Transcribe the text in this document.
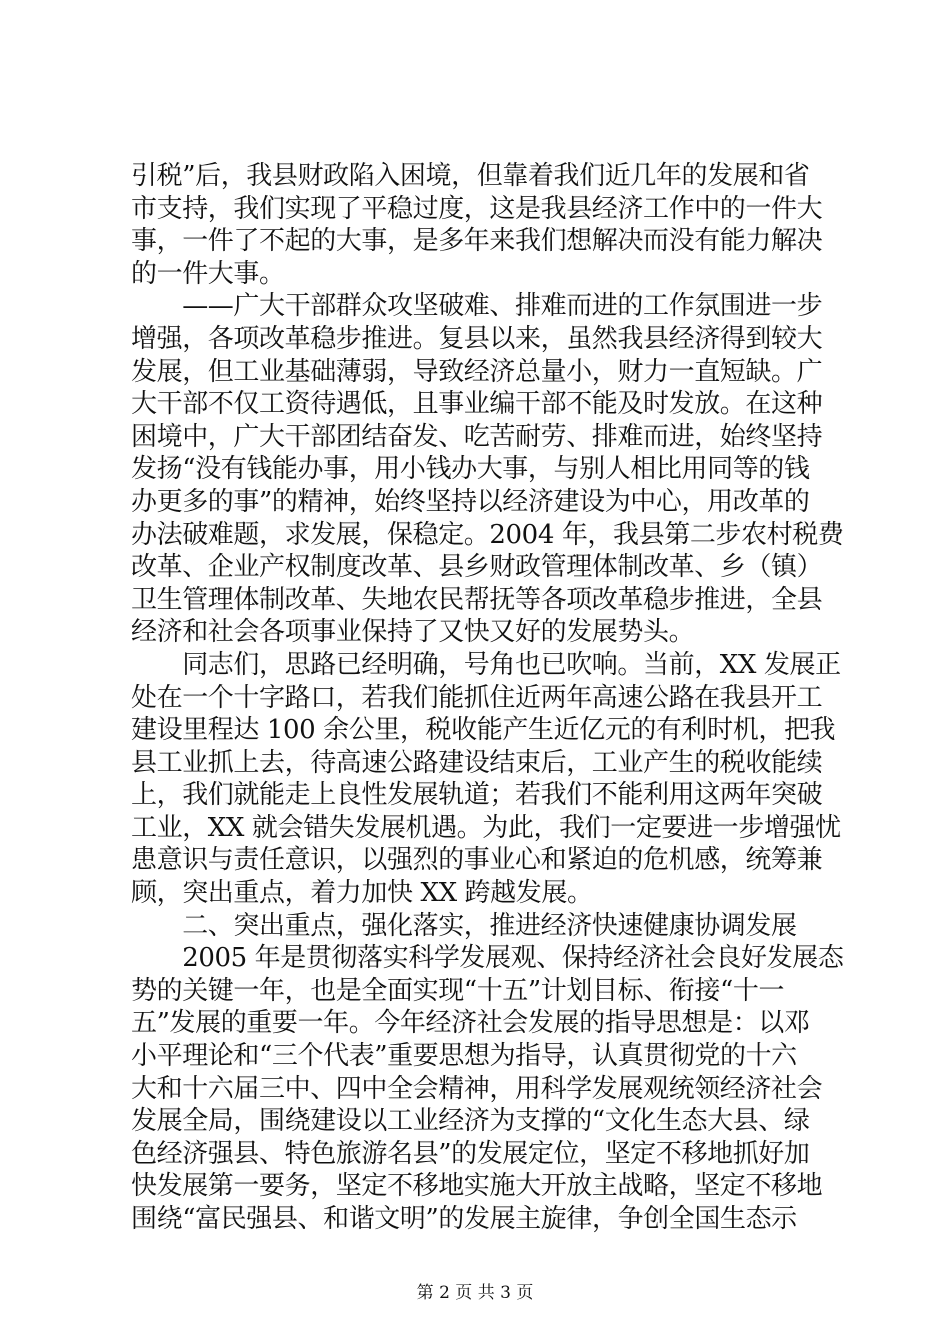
引税”后，我县财政陷入困境，但靠着我们近几年的发展和省
市支持，我们实现了平稳过度，这是我县经济工作中的一件大
事，一件了不起的大事，是多年来我们想解决而没有能力解决
的一件大事。
　　——广大干部群众攻坚破难、排难而进的工作氛围进一步
增强，各项改革稳步推进。复县以来，虽然我县经济得到较大
发展，但工业基础薄弱，导致经济总量小，财力一直短缺。广
大干部不仅工资待遇低，且事业编干部不能及时发放。在这种
困境中，广大干部团结奋发、吃苦耐劳、排难而进，始终坚持
发扬“没有钱能办事，用小钱办大事，与别人相比用同等的钱
办更多的事”的精神，始终坚持以经济建设为中心，用改革的
办法破难题，求发展，保稳定。2004 年，我县第二步农村税费
改革、企业产权制度改革、县乡财政管理体制改革、乡（镇）
卫生管理体制改革、失地农民帮抚等各项改革稳步推进，全县
经济和社会各项事业保持了又快又好的发展势头。
　　同志们，思路已经明确，号角也已吹响。当前，XX 发展正
处在一个十字路口，若我们能抓住近两年高速公路在我县开工
建设里程达 100 余公里，税收能产生近亿元的有利时机，把我
县工业抓上去，待高速公路建设结束后，工业产生的税收能续
上，我们就能走上良性发展轨道；若我们不能利用这两年突破
工业，XX 就会错失发展机遇。为此，我们一定要进一步增强忧
患意识与责任意识，以强烈的事业心和紧迫的危机感，统筹兼
顾，突出重点，着力加快 XX 跨越发展。
　　二、突出重点，强化落实，推进经济快速健康协调发展
　　2005 年是贯彻落实科学发展观、保持经济社会良好发展态
势的关键一年，也是全面实现“十五”计划目标、衔接“十一
五”发展的重要一年。今年经济社会发展的指导思想是：以邓
小平理论和“三个代表”重要思想为指导，认真贯彻党的十六
大和十六届三中、四中全会精神，用科学发展观统领经济社会
发展全局，围绕建设以工业经济为支撑的“文化生态大县、绿
色经济强县、特色旅游名县”的发展定位，坚定不移地抓好加
快发展第一要务，坚定不移地实施大开放主战略，坚定不移地
围绕“富民强县、和谐文明”的发展主旋律，争创全国生态示
第 2 页 共 3 页
